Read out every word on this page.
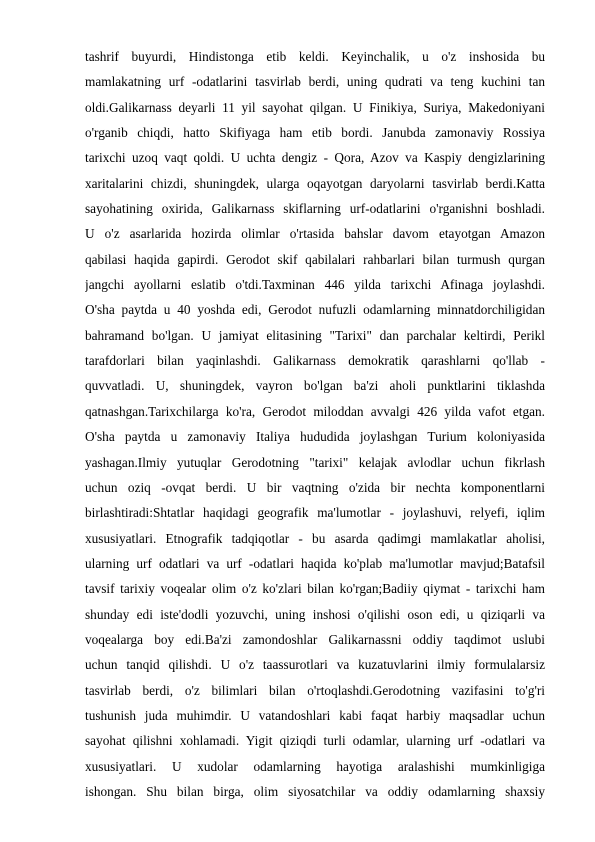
tashrif buyurdi, Hindistonga etib keldi. Keyinchalik, u o'z inshosida bu
mamlakatning urf -odatlarini tasvirlab berdi, uning qudrati va teng kuchini tan
oldi.Galikarnass deyarli 11 yil sayohat qilgan. U Finikiya, Suriya, Makedoniyani
o'rganib chiqdi, hatto Skifiyaga ham etib bordi. Janubda zamonaviy Rossiya
tarixchi uzoq vaqt qoldi. U uchta dengiz - Qora, Azov va Kaspiy dengizlarining
xaritalarini chizdi, shuningdek, ularga oqayotgan daryolarni tasvirlab berdi.Katta
sayohatining oxirida, Galikarnass skiflarning urf-odatlarini o'rganishni boshladi.
U o'z asarlarida hozirda olimlar o'rtasida bahslar davom etayotgan Amazon
qabilasi haqida gapirdi. Gerodot skif qabilalari rahbarlari bilan turmush qurgan
jangchi ayollarni eslatib o'tdi.Taxminan 446 yilda tarixchi Afinaga joylashdi.
O'sha paytda u 40 yoshda edi, Gerodot nufuzli odamlarning minnatdorchiligidan
bahramand bo'lgan. U jamiyat elitasining "Tarixi" dan parchalar keltirdi, Perikl
tarafdorlari bilan yaqinlashdi. Galikarnass demokratik qarashlarni qo'llab -
quvvatladi. U, shuningdek, vayron bo'lgan ba'zi aholi punktlarini tiklashda
qatnashgan.Tarixchilarga ko'ra, Gerodot miloddan avvalgi 426 yilda vafot etgan.
O'sha paytda u zamonaviy Italiya hududida joylashgan Turium koloniyasida
yashagan.Ilmiy yutuqlar Gerodotning "tarixi" kelajak avlodlar uchun fikrlash
uchun oziq -ovqat berdi. U bir vaqtning o'zida bir nechta komponentlarni
birlashtiradi:Shtatlar haqidagi geografik ma'lumotlar - joylashuvi, relyefi, iqlim
xususiyatlari. Etnografik tadqiqotlar - bu asarda qadimgi mamlakatlar aholisi,
ularning urf odatlari va urf -odatlari haqida ko'plab ma'lumotlar mavjud;Batafsil
tavsif tarixiy voqealar olim o'z ko'zlari bilan ko'rgan;Badiiy qiymat - tarixchi ham
shunday edi iste'dodli yozuvchi, uning inshosi o'qilishi oson edi, u qiziqarli va
voqealarga boy edi.Ba'zi zamondoshlar Galikarnassni oddiy taqdimot uslubi
uchun tanqid qilishdi. U o'z taassurotlari va kuzatuvlarini ilmiy formulalarsiz
tasvirlab berdi, o'z bilimlari bilan o'rtoqlashdi.Gerodotning vazifasini to'g'ri
tushunish juda muhimdir. U vatandoshlari kabi faqat harbiy maqsadlar uchun
sayohat qilishni xohlamadi. Yigit qiziqdi turli odamlar, ularning urf -odatlari va
xususiyatlari. U xudolar odamlarning hayotiga aralashishi mumkinligiga
ishongan. Shu bilan birga, olim siyosatchilar va oddiy odamlarning shaxsiy
